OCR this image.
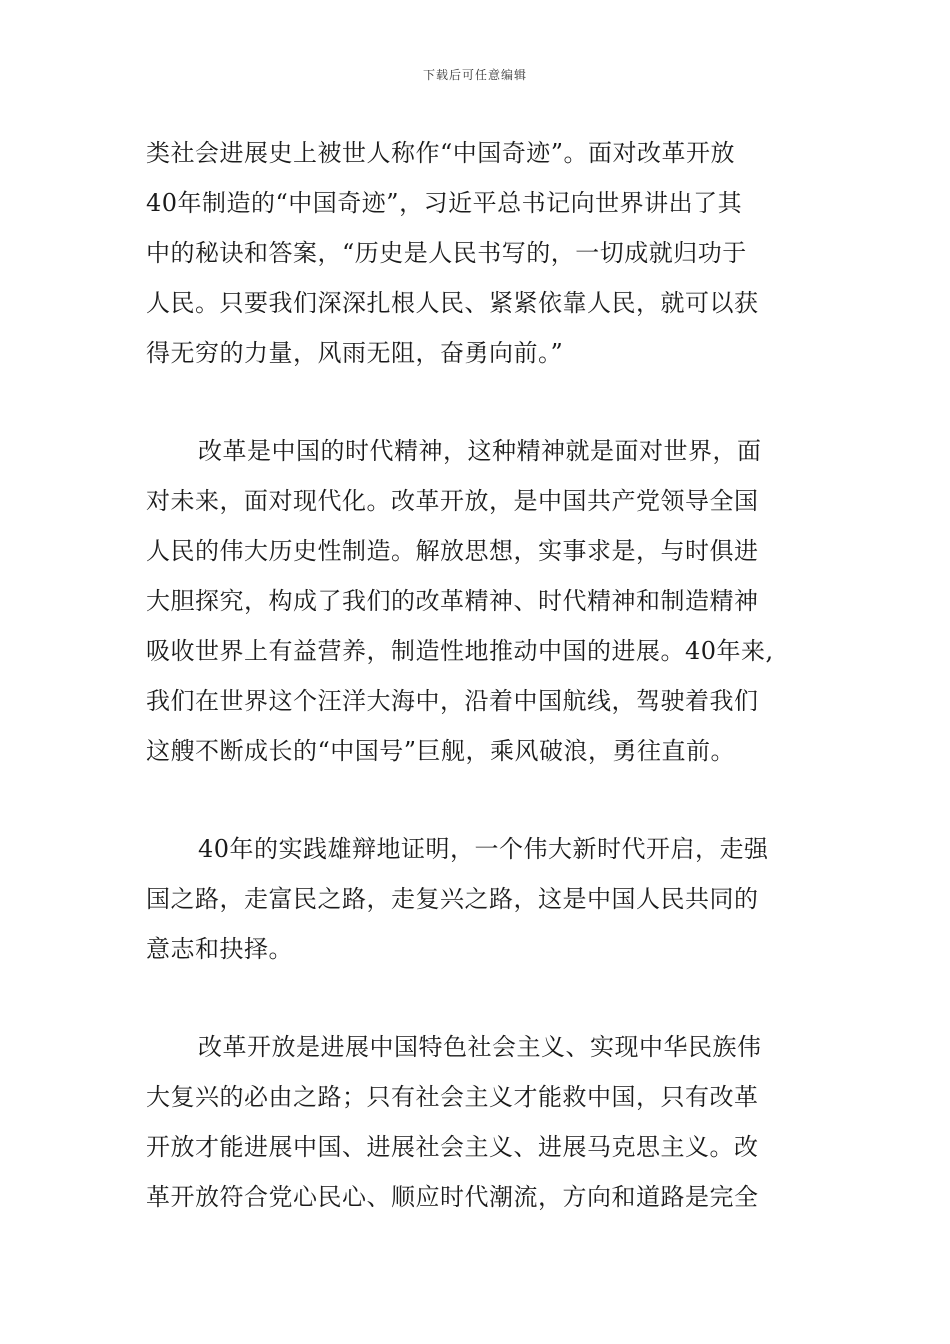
下载后可任意编辑

类社会进展史上被世人称作“中国奇迹”。面对改革开放
40年制造的“中国奇迹”，习近平总书记向世界讲出了其
中的秘诀和答案，“历史是人民书写的，一切成就归功于
人民。只要我们深深扎根人民、紧紧依靠人民，就可以获
得无穷的力量，风雨无阻，奋勇向前。”

改革是中国的时代精神，这种精神就是面对世界，面
对未来，面对现代化。改革开放，是中国共产党领导全国
人民的伟大历史性制造。解放思想，实事求是，与时俱进
大胆探究，构成了我们的改革精神、时代精神和制造精神
吸收世界上有益营养，制造性地推动中国的进展。40年来,
我们在世界这个汪洋大海中，沿着中国航线，驾驶着我们
这艘不断成长的“中国号”巨舰，乘风破浪，勇往直前。

40年的实践雄辩地证明，一个伟大新时代开启，走强
国之路，走富民之路，走复兴之路，这是中国人民共同的
意志和抉择。

改革开放是进展中国特色社会主义、实现中华民族伟
大复兴的必由之路；只有社会主义才能救中国，只有改革
开放才能进展中国、进展社会主义、进展马克思主义。改
革开放符合党心民心、顺应时代潮流，方向和道路是完全
